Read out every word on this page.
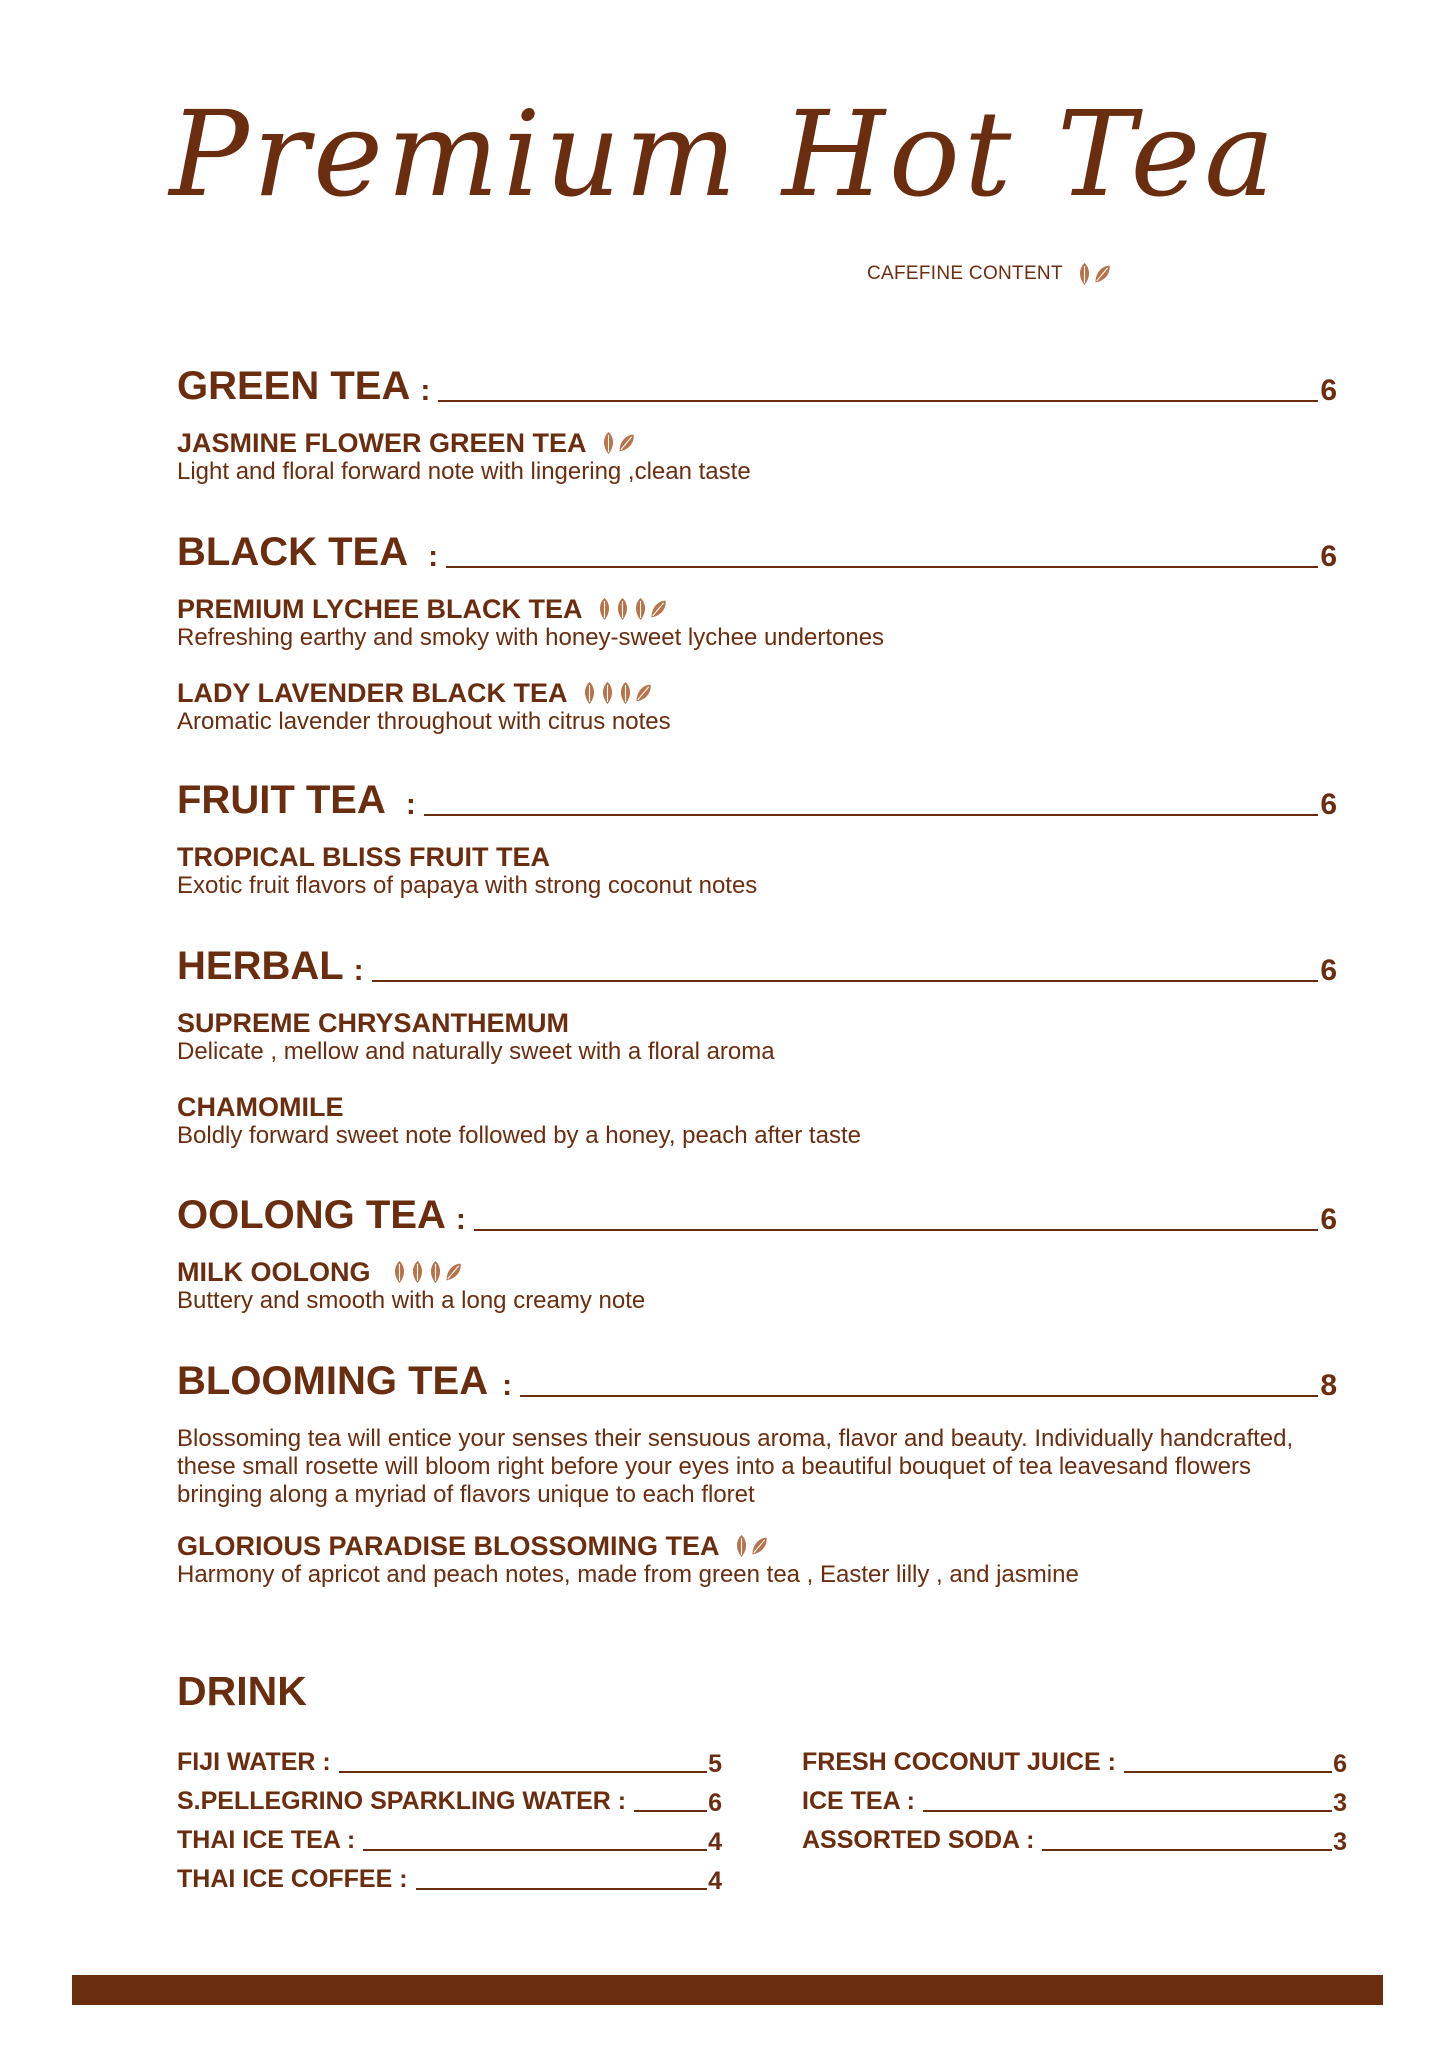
Premium Hot Tea
CAFEFINE CONTENT
GREEN TEA :	6
JASMINE FLOWER GREEN TEA
Light and floral forward note with lingering ,clean taste
BLACK TEA :	6
PREMIUM LYCHEE BLACK TEA
Refreshing earthy and smoky with honey-sweet lychee undertones
LADY LAVENDER BLACK TEA
Aromatic lavender throughout with citrus notes
FRUIT TEA :	6
TROPICAL BLISS FRUIT TEA
Exotic fruit flavors of papaya with strong coconut notes
HERBAL :	6
SUPREME CHRYSANTHEMUM
Delicate , mellow and naturally sweet with a floral aroma
CHAMOMILE
Boldly forward sweet note followed by a honey, peach after taste
OOLONG TEA :	6
MILK OOLONG
Buttery and smooth with a long creamy note
BLOOMING TEA :	8
Blossoming tea will entice your senses their sensuous aroma, flavor and beauty. Individually handcrafted, these small rosette will bloom right before your eyes into a beautiful bouquet of tea leavesand flowers bringing along a myriad of flavors unique to each floret
GLORIOUS PARADISE BLOSSOMING TEA
Harmony of apricot and peach notes, made from green tea , Easter lilly , and jasmine
DRINK
FIJI WATER :	5
S.PELLEGRINO SPARKLING WATER :	6
THAI ICE TEA :	4
THAI ICE COFFEE :	4
FRESH COCONUT JUICE :	6
ICE TEA :	3
ASSORTED SODA :	3
